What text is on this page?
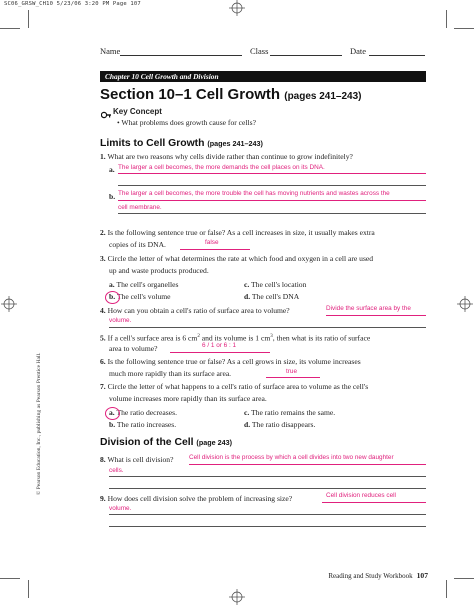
SC06_GRSW_CH10 5/23/06 3:20 PM Page 107
Name	Class	Date
Chapter 10 Cell Growth and Division
Section 10–1 Cell Growth (pages 241–243)
Key Concept
• What problems does growth cause for cells?
Limits to Cell Growth (pages 241–243)
1. What are two reasons why cells divide rather than continue to grow indefinitely?
a. The larger a cell becomes, the more demands the cell places on its DNA.
b. The larger a cell becomes, the more trouble the cell has moving nutrients and wastes across the
cell membrane.
2. Is the following sentence true or false? As a cell increases in size, it usually makes extra
copies of its DNA.	false
3. Circle the letter of what determines the rate at which food and oxygen in a cell are used
up and waste products produced.
a. The cell's organelles	c. The cell's location
b. The cell's volume	d. The cell's DNA
4. How can you obtain a cell's ratio of surface area to volume?	Divide the surface area by the
volume.
5. If a cell's surface area is 6 $cm^2$ and its volume is 1 $cm^3$, then what is its ratio of surface
area to volume?	6 / 1 or 6 : 1
6. Is the following sentence true or false? As a cell grows in size, its volume increases
much more rapidly than its surface area.	true
7. Circle the letter of what happens to a cell's ratio of surface area to volume as the cell's
volume increases more rapidly than its surface area.
a. The ratio decreases.	c. The ratio remains the same.
b. The ratio increases.	d. The ratio disappears.
Division of the Cell (page 243)
8. What is cell division? Cell division is the process by which a cell divides into two new daughter
cells.
9. How does cell division solve the problem of increasing size?	Cell division reduces cell
volume.
© Pearson Education, Inc., publishing as Pearson Prentice Hall.
Reading and Study Workbook 107
